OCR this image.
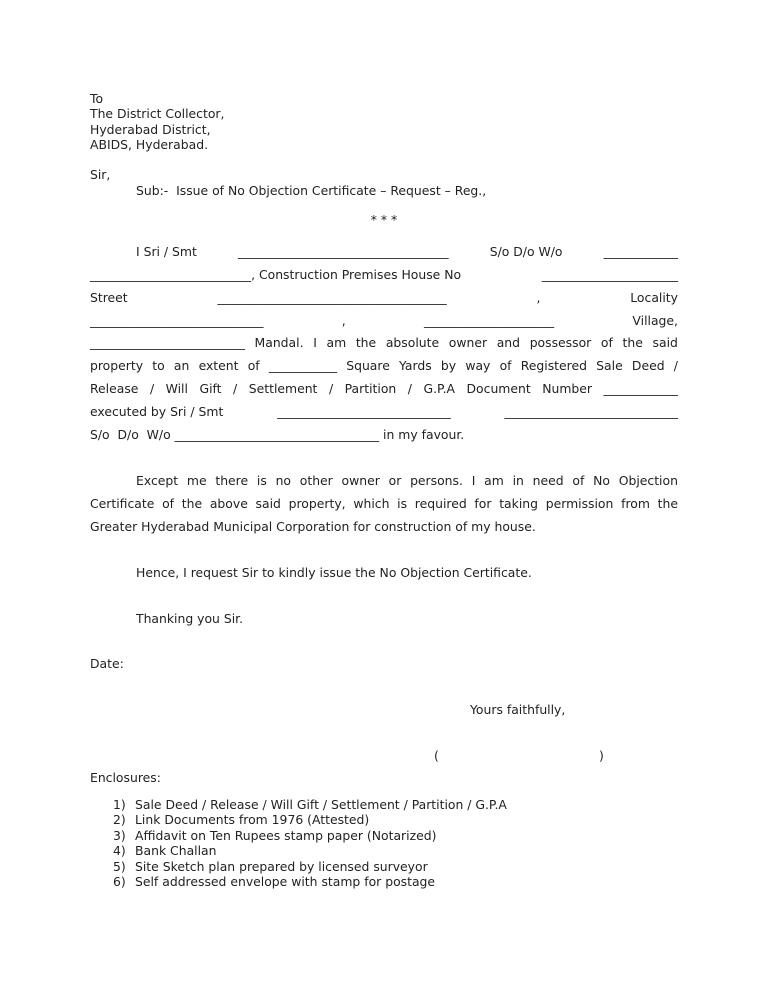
To
The District Collector,
Hyderabad District,
ABIDS, Hyderabad.
Sir,
Sub:-  Issue of No Objection Certificate – Request – Reg.,
* * *
I Sri / Smt	__________________________________	S/o D/o W/o	____________
__________________________, Construction Premises House No	______________________
Street	_____________________________________	,	Locality
____________________________	,	_____________________	Village,
_________________________ Mandal. I am the absolute owner and possessor of the said
property to an extent of ___________ Square Yards by way of Registered Sale Deed /
Release / Will Gift / Settlement / Partition / G.P.A Document Number ____________
executed by Sri / Smt	____________________________	____________________________
S/o  D/o  W/o _________________________________ in my favour.
Except me there is no other owner or persons. I am in need of No Objection
Certificate of the above said property, which is required for taking permission from the
Greater Hyderabad Municipal Corporation for construction of my house.
Hence, I request Sir to kindly issue the No Objection Certificate.
Thanking you Sir.
Date:
Yours faithfully,
(	)
Enclosures:
1) Sale Deed / Release / Will Gift / Settlement / Partition / G.P.A
2) Link Documents from 1976 (Attested)
3) Affidavit on Ten Rupees stamp paper (Notarized)
4) Bank Challan
5) Site Sketch plan prepared by licensed surveyor
6) Self addressed envelope with stamp for postage
